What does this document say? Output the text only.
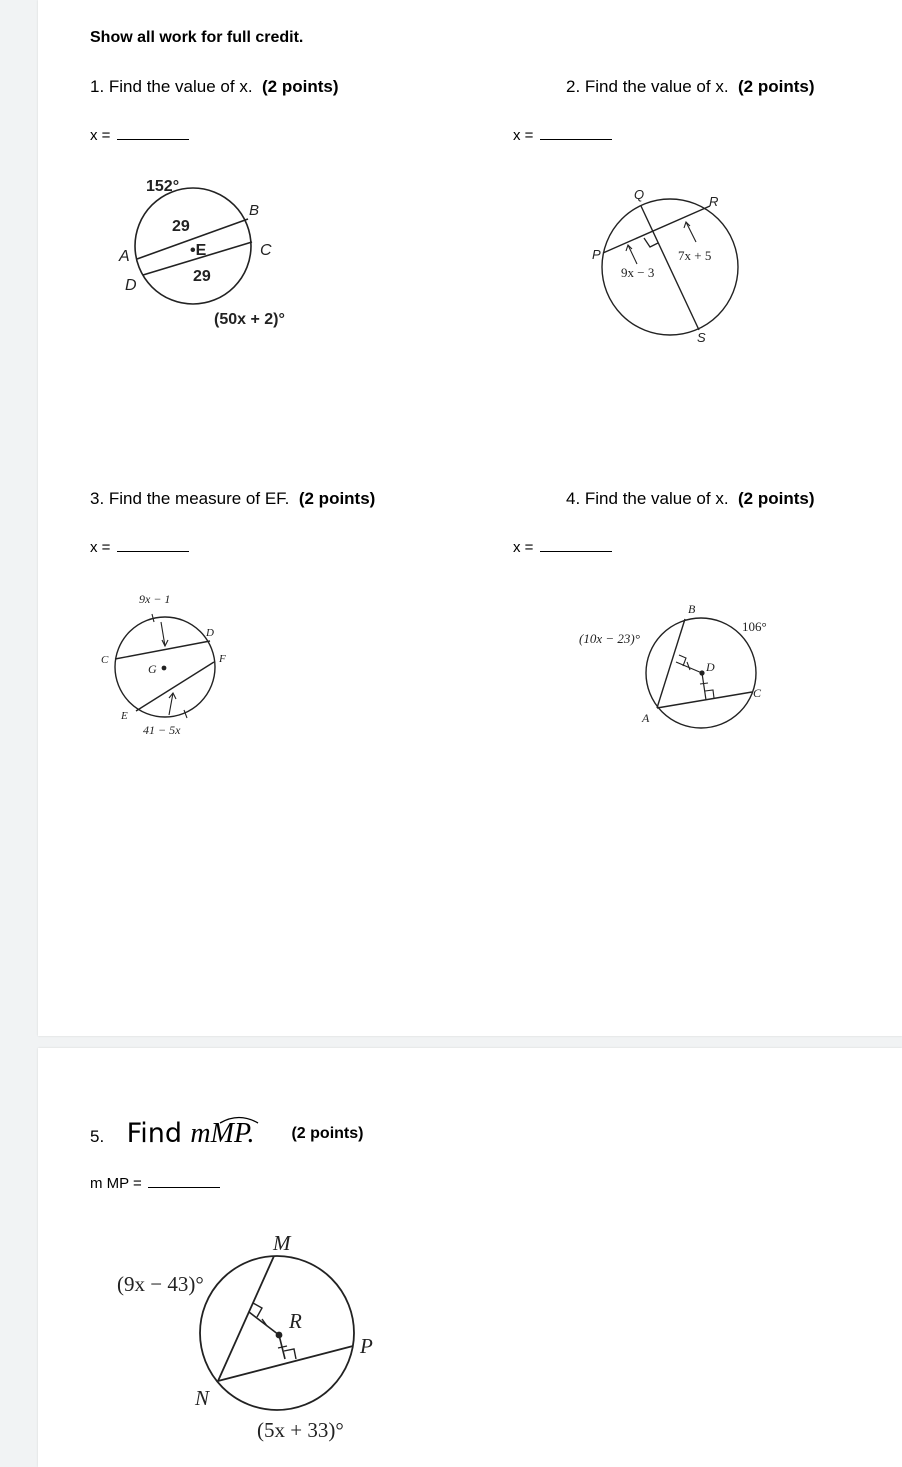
Show all work for full credit.
1. Find the value of x. (2 points)
x =
2. Find the value of x. (2 points)
x =
3. Find the measure of EF. (2 points)
x =
4. Find the value of x. (2 points)
x =
152°
29
•E
29
(50x + 2)°
A
B
C
D
Q	R
P
S
9x − 3
7x + 5
9x − 1
41 − 5x
C
D
E
F
G
(10x − 23)°
106°
B
D
C
A
5. Find mMP. (2 points)
m MP =
(9x − 43)°
(5x + 33)°
M
N
P
R
